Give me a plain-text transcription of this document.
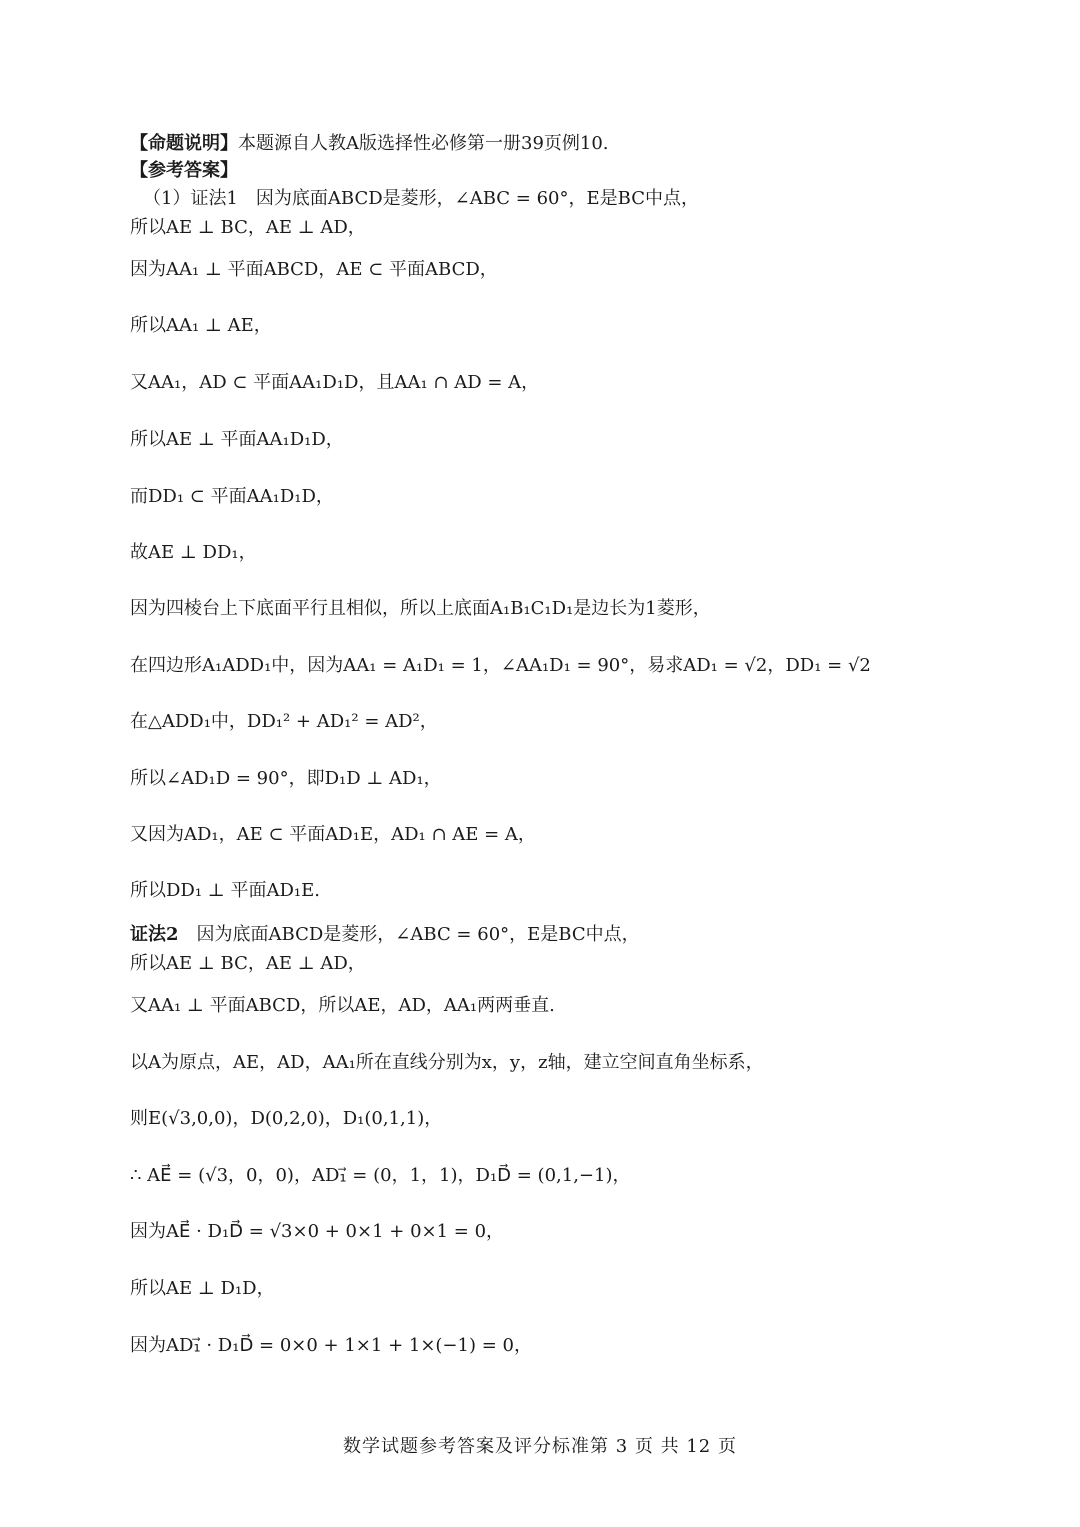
【命题说明】本题源自人教A版选择性必修第一册39页例10.
【参考答案】
（1）证法1　因为底面ABCD是菱形，∠ABC = 60°，E是BC中点，
所以AE ⊥ BC，AE ⊥ AD，
因为AA₁ ⊥ 平面ABCD，AE ⊂ 平面ABCD，
所以AA₁ ⊥ AE，
又AA₁，AD ⊂ 平面AA₁D₁D，且AA₁ ∩ AD = A，
所以AE ⊥ 平面AA₁D₁D，
而DD₁ ⊂ 平面AA₁D₁D，
故AE ⊥ DD₁，
因为四棱台上下底面平行且相似，所以上底面A₁B₁C₁D₁是边长为1菱形，
在四边形A₁ADD₁中，因为AA₁ = A₁D₁ = 1，∠AA₁D₁ = 90°，易求AD₁ = √2，DD₁ = √2
在△ADD₁中，DD₁² + AD₁² = AD²，
所以∠AD₁D = 90°，即D₁D ⊥ AD₁，
又因为AD₁，AE ⊂ 平面AD₁E，AD₁ ∩ AE = A，
所以DD₁ ⊥ 平面AD₁E.
证法2　因为底面ABCD是菱形，∠ABC = 60°，E是BC中点，
所以AE ⊥ BC，AE ⊥ AD，
又AA₁ ⊥ 平面ABCD，所以AE，AD，AA₁两两垂直.
以A为原点，AE，AD，AA₁所在直线分别为x，y，z轴，建立空间直角坐标系，
则E(√3,0,0)，D(0,2,0)，D₁(0,1,1)，
∴ AE⃗ = (√3，0，0)，AD₁⃗ = (0，1，1)，D₁D⃗ = (0,1,−1)，
因为AE⃗ · D₁D⃗ = √3×0 + 0×1 + 0×1 = 0，
所以AE ⊥ D₁D，
因为AD₁⃗ · D₁D⃗ = 0×0 + 1×1 + 1×(−1) = 0，
数学试题参考答案及评分标准第 3 页 共 12 页
